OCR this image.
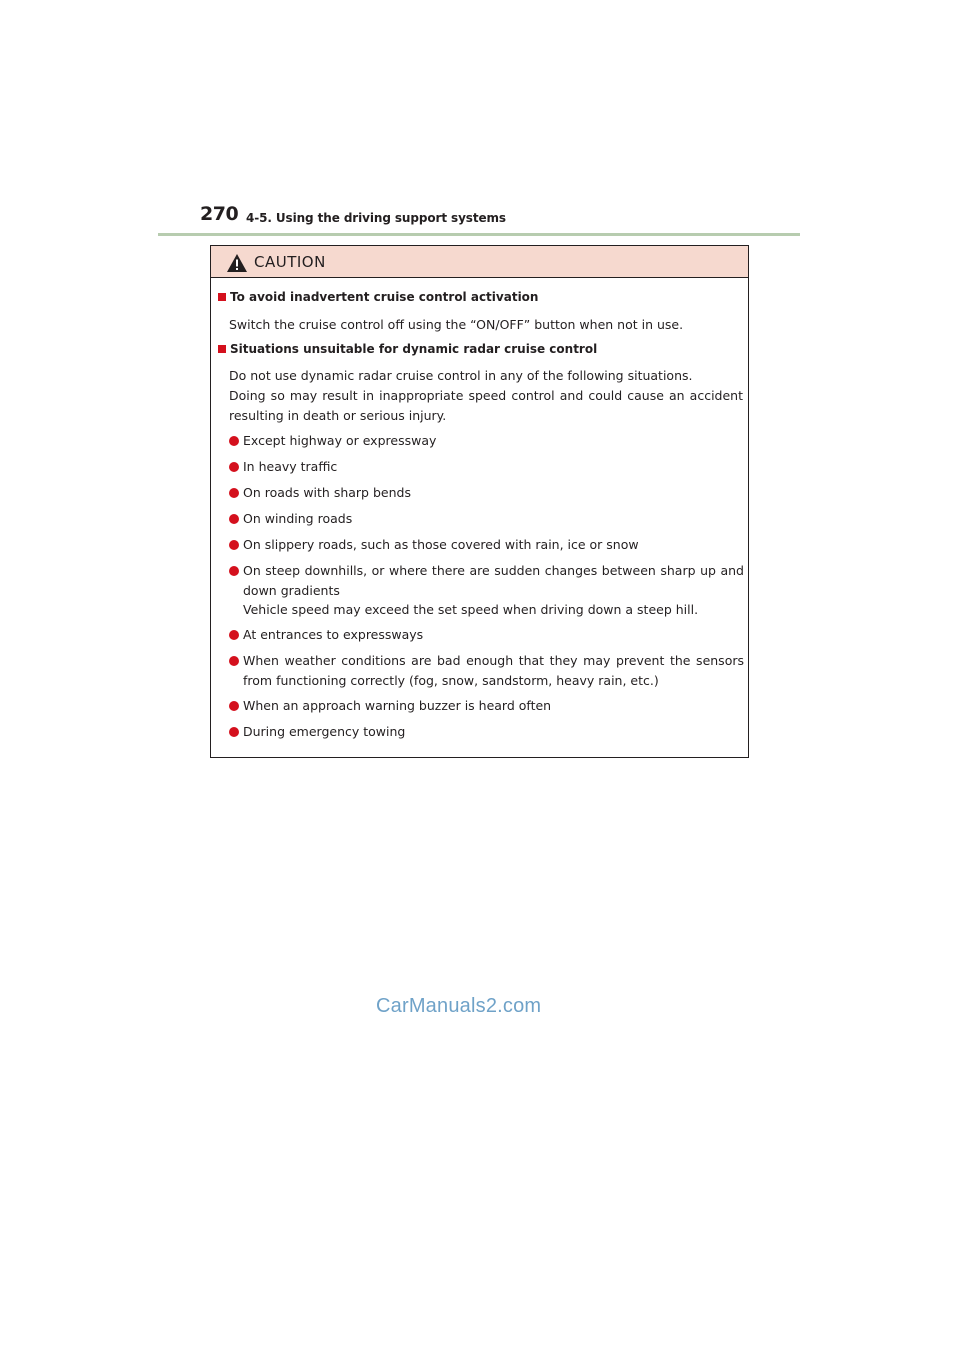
270 4-5. Using the driving support systems
CAUTION
To avoid inadvertent cruise control activation
Switch the cruise control off using the “ON/OFF” button when not in use.
Situations unsuitable for dynamic radar cruise control
Do not use dynamic radar cruise control in any of the following situations.
Doing so may result in inappropriate speed control and could cause an accident resulting in death or serious injury.
Except highway or expressway
In heavy traffic
On roads with sharp bends
On winding roads
On slippery roads, such as those covered with rain, ice or snow
On steep downhills, or where there are sudden changes between sharp up and down gradients
Vehicle speed may exceed the set speed when driving down a steep hill.
At entrances to expressways
When weather conditions are bad enough that they may prevent the sensors from functioning correctly (fog, snow, sandstorm, heavy rain, etc.)
When an approach warning buzzer is heard often
During emergency towing
CarManuals2.com
